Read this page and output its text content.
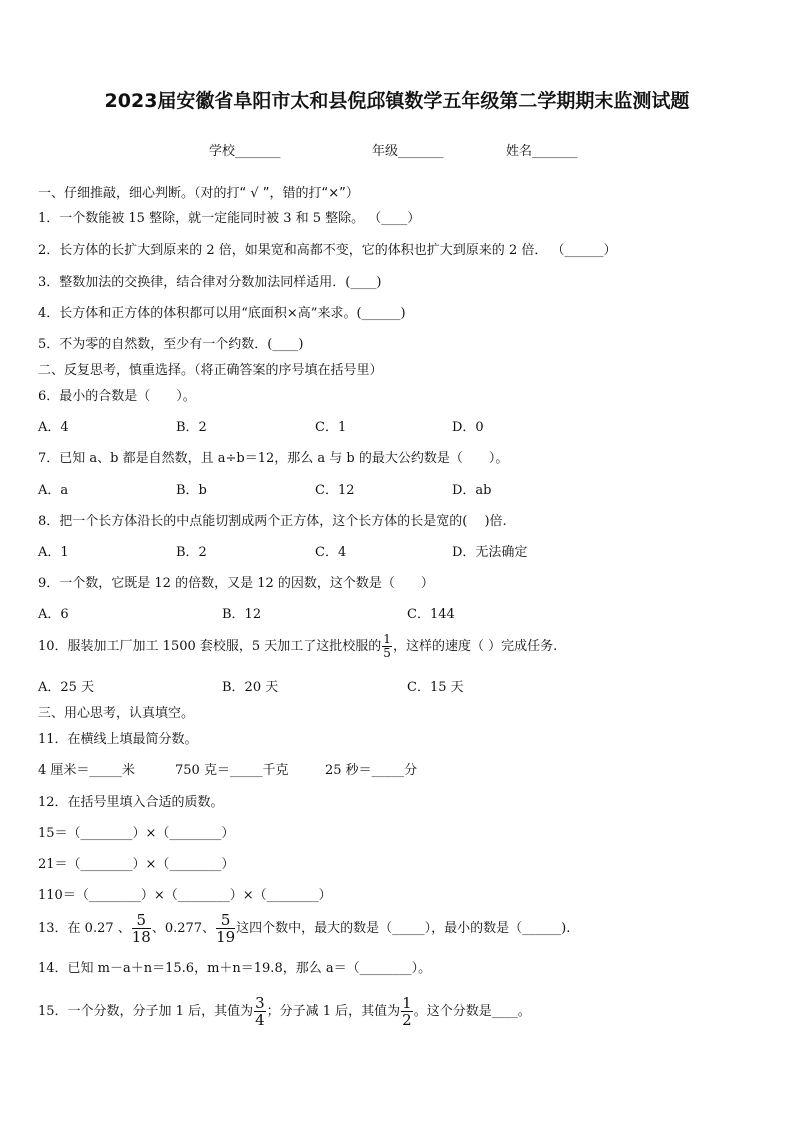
2023届安徽省阜阳市太和县倪邱镇数学五年级第二学期期末监测试题
学校_______	年级_______	姓名_______
一、仔细推敲，细心判断。（对的打“ √ ”，错的打“×”）
1．一个数能被 15 整除，就一定能同时被 3 和 5 整除。 （____）
2．长方体的长扩大到原来的 2 倍，如果宽和高都不变，它的体积也扩大到原来的 2 倍． （______）
3．整数加法的交换律，结合律对分数加法同样适用．(____)
4．长方体和正方体的体积都可以用“底面积×高”来求。(______)
5．不为零的自然数，至少有一个约数．(____)
二、反复思考，慎重选择。（将正确答案的序号填在括号里）
6．最小的合数是（　　）。
A．4	B．2	C．1	D．0
7．已知 a、b 都是自然数，且 a÷b＝12，那么 a 与 b 的最大公约数是（　　）。
A．a	B．b	C．12	D．ab
8．把一个长方体沿长的中点能切割成两个正方体，这个长方体的长是宽的(　 )倍.
A．1	B．2	C．4	D．无法确定
9．一个数，它既是 12 的倍数，又是 12 的因数，这个数是（　　）
A．6	B．12	C．144
10．服装加工厂加工 1500 套校服，5 天加工了这批校服的 $\frac{1}{5}$ ，这样的速度（ ）完成任务.
A．25 天	B．20 天	C．15 天
三、用心思考，认真填空。
11．在横线上填最简分数。
4 厘米＝_____米	750 克＝_____千克	25 秒＝_____分
12．在括号里填入合适的质数。
15＝（________）×（________）
21＝（________）×（________）
110＝（________）×（________）×（________）
13．在 0.27 、 $\frac{5}{18}$ 、0.277、 $\frac{5}{19}$ 这四个数中，最大的数是（_____），最小的数是（______).
14．已知 m－a＋n＝15.6，m＋n＝19.8，那么 a＝（________）。
15．一个分数，分子加 1 后，其值为 $\frac{3}{4}$ ；分子减 1 后，其值为 $\frac{1}{2}$ 。这个分数是____。
